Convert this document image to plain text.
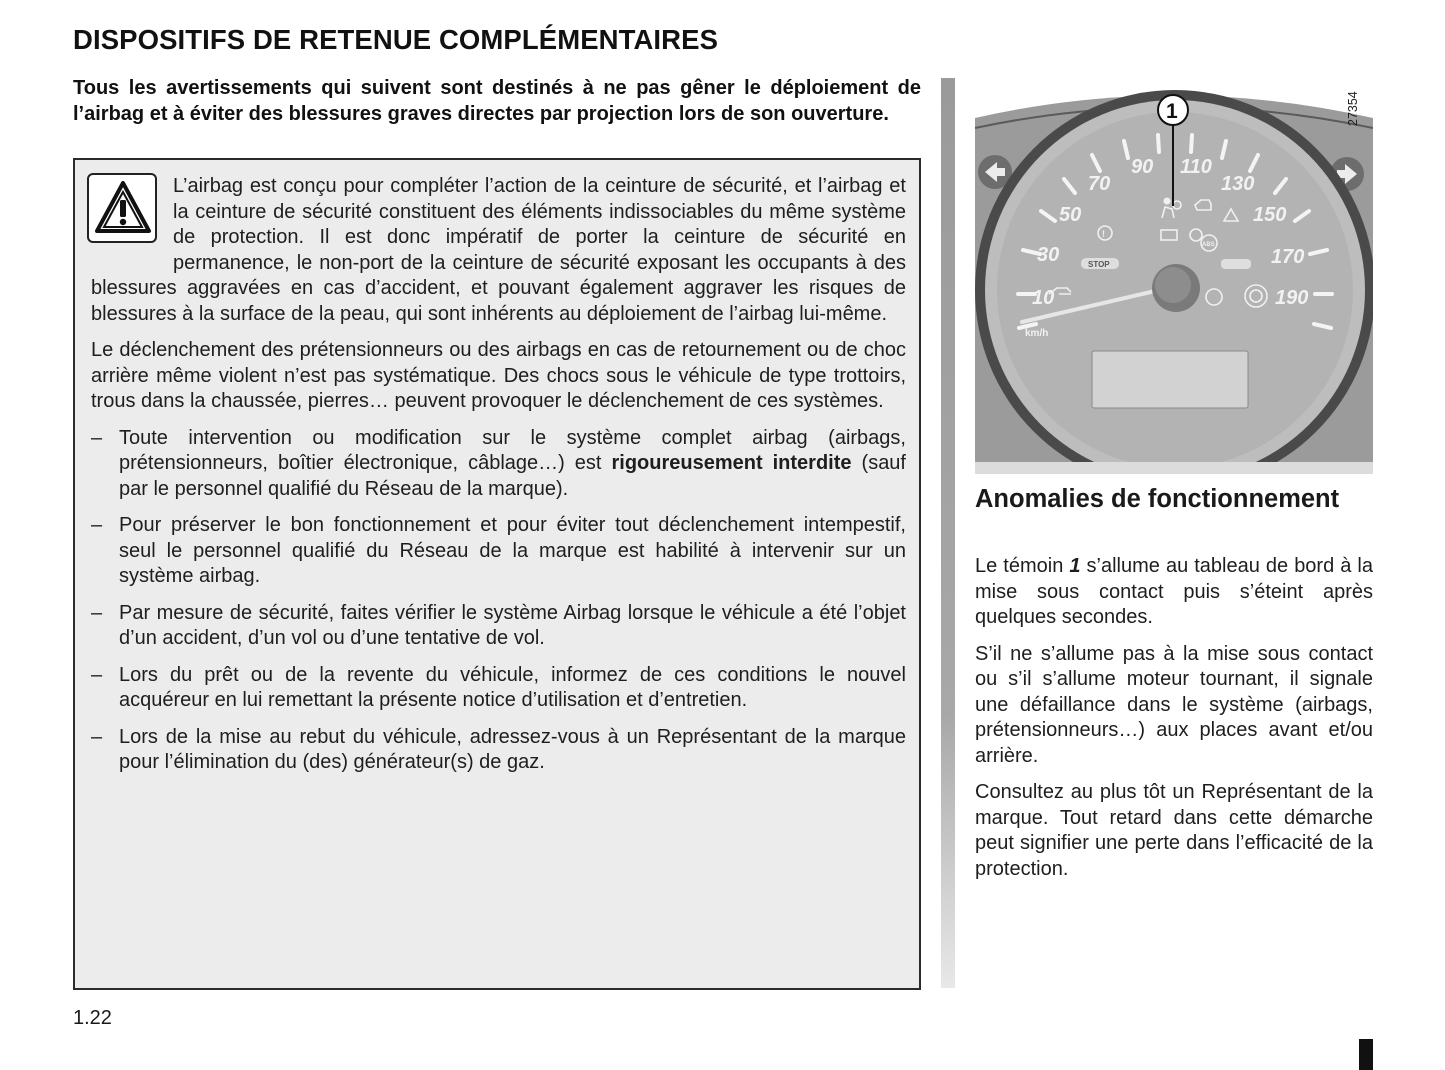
DISPOSITIFS DE RETENUE COMPLÉMENTAIRES

Tous les avertissements qui suivent sont destinés à ne pas gêner le déploiement de l’airbag et à éviter des blessures graves directes par projection lors de son ouverture.

L’airbag est conçu pour compléter l’action de la ceinture de sécurité, et l’airbag et la ceinture de sécurité constituent des éléments indissociables du même système de protection. Il est donc impératif de porter la ceinture de sécurité en permanence, le non-port de la ceinture de sécurité exposant les occupants à des blessures aggravées en cas d’accident, et pouvant également aggraver les risques de blessures à la surface de la peau, qui sont inhérents au déploiement de l’airbag lui-même.

Le déclenchement des prétensionneurs ou des airbags en cas de retournement ou de choc arrière même violent n’est pas systématique. Des chocs sous le véhicule de type trottoirs, trous dans la chaussée, pierres… peuvent provoquer le déclenchement de ces systèmes.

– Toute intervention ou modification sur le système complet airbag (airbags, prétensionneurs, boîtier électronique, câblage…) est rigoureusement interdite (sauf par le personnel qualifié du Réseau de la marque).
– Pour préserver le bon fonctionnement et pour éviter tout déclenchement intempestif, seul le personnel qualifié du Réseau de la marque est habilité à intervenir sur un système airbag.
– Par mesure de sécurité, faites vérifier le système Airbag lorsque le véhicule a été l’objet d’un accident, d’un vol ou d’une tentative de vol.
– Lors du prêt ou de la revente du véhicule, informez de ces conditions le nouvel acquéreur en lui remettant la présente notice d’utilisation et d’entretien.
– Lors de la mise au rebut du véhicule, adressez-vous à un Représentant de la marque pour l’élimination du (des) générateur(s) de gaz.
1.22
10
30
50
70
90 110
130
150
170
190
km/h
!
ABS
STOP
1	27354
Anomalies de fonctionnement

Le témoin 1 s’allume au tableau de bord à la mise sous contact puis s’éteint après quelques secondes.

S’il ne s’allume pas à la mise sous contact ou s’il s’allume moteur tournant, il signale une défaillance dans le système (airbags, prétensionneurs…) aux places avant et/ou arrière.

Consultez au plus tôt un Représentant de la marque. Tout retard dans cette démarche peut signifier une perte dans l’efficacité de la protection.
